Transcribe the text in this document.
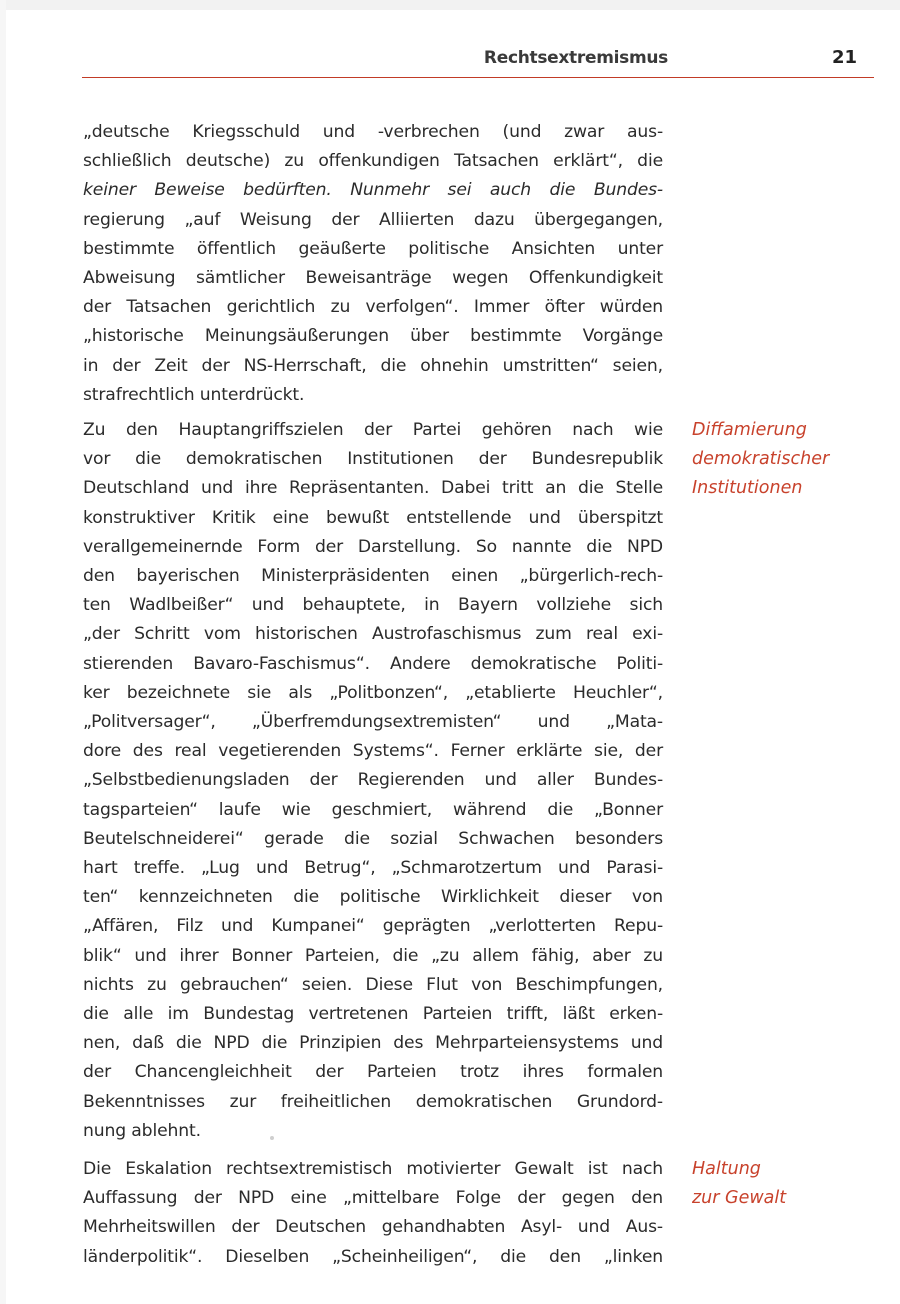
Rechtsextremismus	21
„deutsche Kriegsschuld und -verbrechen (und zwar aus-
schließlich deutsche) zu offenkundigen Tatsachen erklärt“, die
keiner Beweise bedürften. Nunmehr sei auch die Bundes-
regierung „auf Weisung der Alliierten dazu übergegangen,
bestimmte öffentlich geäußerte politische Ansichten unter
Abweisung sämtlicher Beweisanträge wegen Offenkundigkeit
der Tatsachen gerichtlich zu verfolgen“. Immer öfter würden
„historische Meinungsäußerungen über bestimmte Vorgänge
in der Zeit der NS-Herrschaft, die ohnehin umstritten“ seien,
strafrechtlich unterdrückt.
Zu den Hauptangriffszielen der Partei gehören nach wie
vor die demokratischen Institutionen der Bundesrepublik
Deutschland und ihre Repräsentanten. Dabei tritt an die Stelle
konstruktiver Kritik eine bewußt entstellende und überspitzt
verallgemeinernde Form der Darstellung. So nannte die NPD
den bayerischen Ministerpräsidenten einen „bürgerlich-rech-
ten Wadlbeißer“ und behauptete, in Bayern vollziehe sich
„der Schritt vom historischen Austrofaschismus zum real exi-
stierenden Bavaro-Faschismus“. Andere demokratische Politi-
ker bezeichnete sie als „Politbonzen“, „etablierte Heuchler“,
„Politversager“, „Überfremdungsextremisten“ und „Mata-
dore des real vegetierenden Systems“. Ferner erklärte sie, der
„Selbstbedienungsladen der Regierenden und aller Bundes-
tagsparteien“ laufe wie geschmiert, während die „Bonner
Beutelschneiderei“ gerade die sozial Schwachen besonders
hart treffe. „Lug und Betrug“, „Schmarotzertum und Parasi-
ten“ kennzeichneten die politische Wirklichkeit dieser von
„Affären, Filz und Kumpanei“ geprägten „verlotterten Repu-
blik“ und ihrer Bonner Parteien, die „zu allem fähig, aber zu
nichts zu gebrauchen“ seien. Diese Flut von Beschimpfungen,
die alle im Bundestag vertretenen Parteien trifft, läßt erken-
nen, daß die NPD die Prinzipien des Mehrparteiensystems und
der Chancengleichheit der Parteien trotz ihres formalen
Bekenntnisses zur freiheitlichen demokratischen Grundord-
nung ablehnt.
Die Eskalation rechtsextremistisch motivierter Gewalt ist nach
Auffassung der NPD eine „mittelbare Folge der gegen den
Mehrheitswillen der Deutschen gehandhabten Asyl- und Aus-
länderpolitik“. Dieselben „Scheinheiligen“, die den „linken
Diffamierung
demokratischer
Institutionen
Haltung
zur Gewalt
